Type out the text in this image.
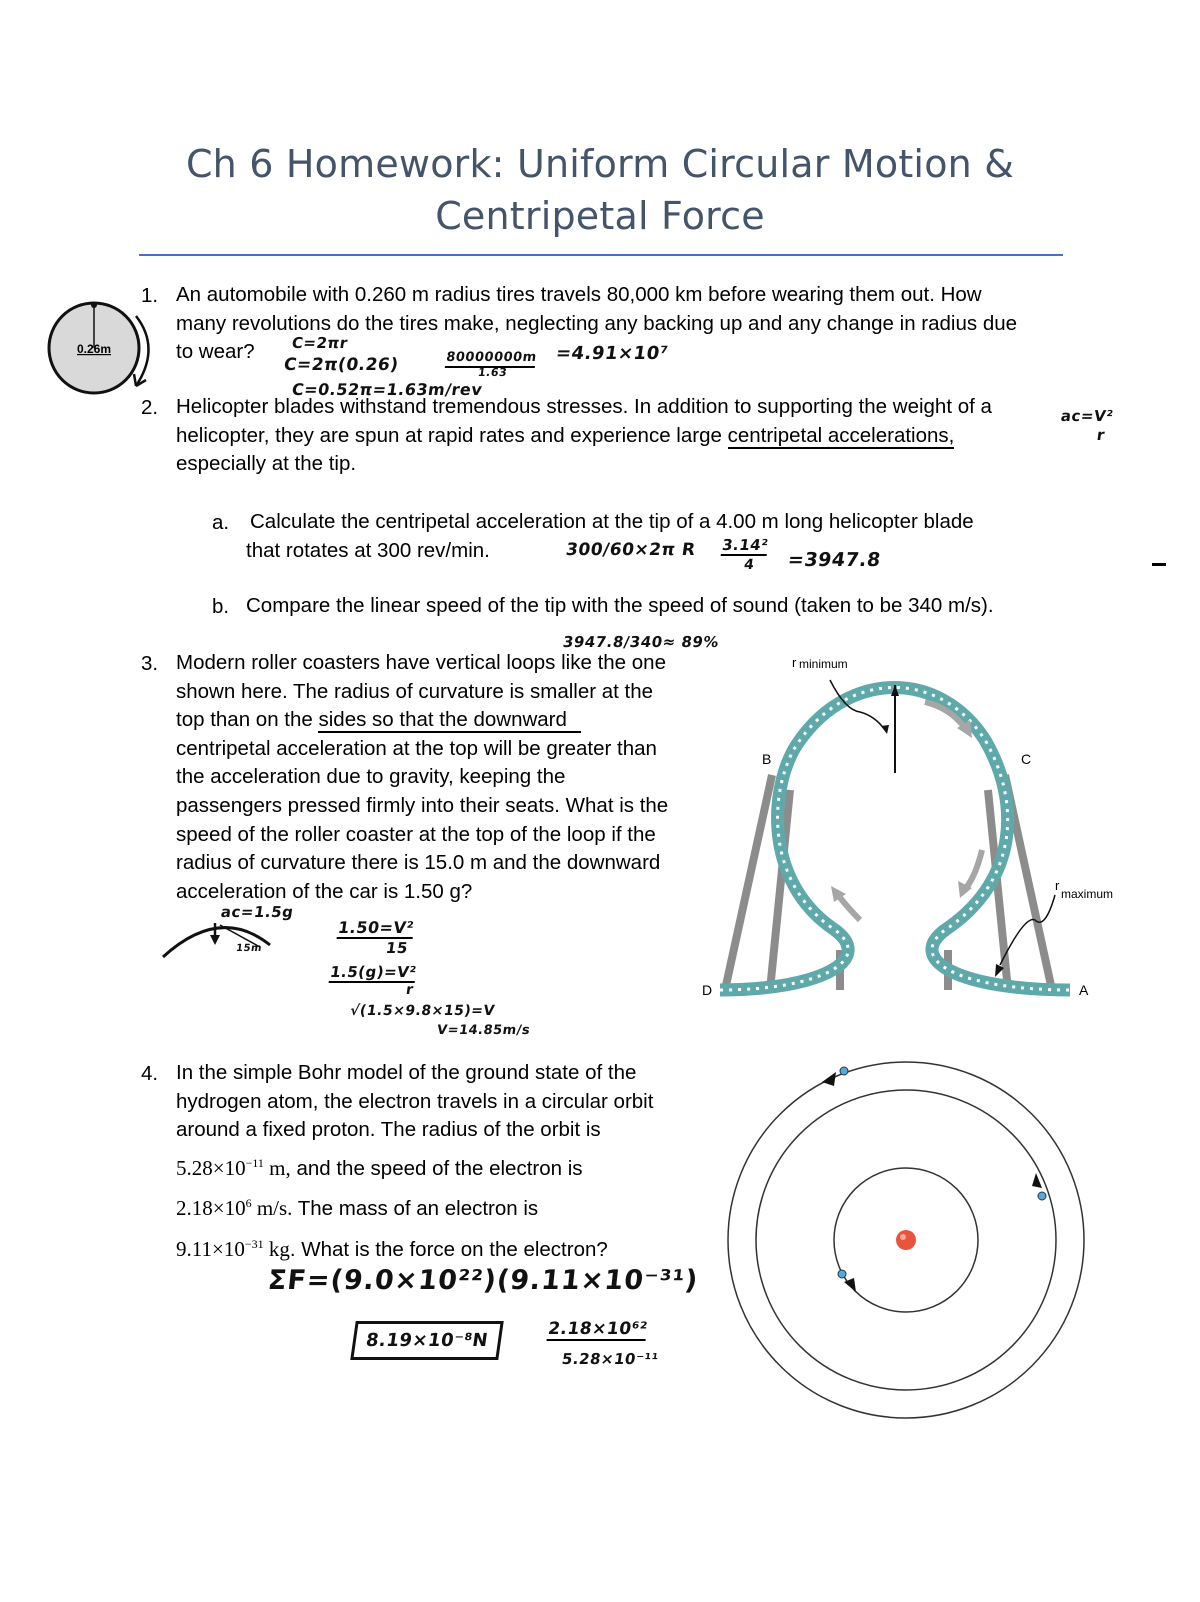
Ch 6 Homework: Uniform Circular Motion &
Centripetal Force
1. An automobile with 0.260 m radius tires travels 80,000 km before wearing them out. How
many revolutions do the tires make, neglecting any backing up and any change in radius due
to wear?
0.26m	C=2πr
C=2π(0.26)
C=0.52π=1.63m/rev
80000000m
1.63
=4.91×10⁷
2. Helicopter blades withstand tremendous stresses. In addition to supporting the weight of a
helicopter, they are spun at rapid rates and experience large centripetal accelerations,
especially at the tip.
ac=V²
r
a. Calculate the centripetal acceleration at the tip of a 4.00 m long helicopter blade
that rotates at 300 rev/min.	300/60×2π R 3.14²
4 =3947.8
b. Compare the linear speed of the tip with the speed of sound (taken to be 340 m/s).
3947.8/340≈ 89%
3. Modern roller coasters have vertical loops like the one
shown here. The radius of curvature is smaller at the
top than on the sides so that the downward
centripetal acceleration at the top will be greater than
the acceleration due to gravity, keeping the
passengers pressed firmly into their seats. What is the
speed of the roller coaster at the top of the loop if the
radius of curvature there is 15.0 m and the downward
acceleration of the car is 1.50 g?
r minimum
r
maximum
B	C
D	A
ac=1.5g
15m
1.50=V²
15
1.5(g)=V²
r
√(1.5×9.8×15)=V
V=14.85m/s
4. In the simple Bohr model of the ground state of the
hydrogen atom, the electron travels in a circular orbit
around a fixed proton. The radius of the orbit is
$5.28\times 10^{-11}$ m, and the speed of the electron is
$2.18\times 10^6$ m/s. The mass of an electron is
$9.11\times 10^{-31}$ kg. What is the force on the electron?
ΣF=(9.0×10²²)(9.11×10⁻³¹)
8.19×10⁻⁸N
2.18×10⁶²
5.28×10⁻¹¹
